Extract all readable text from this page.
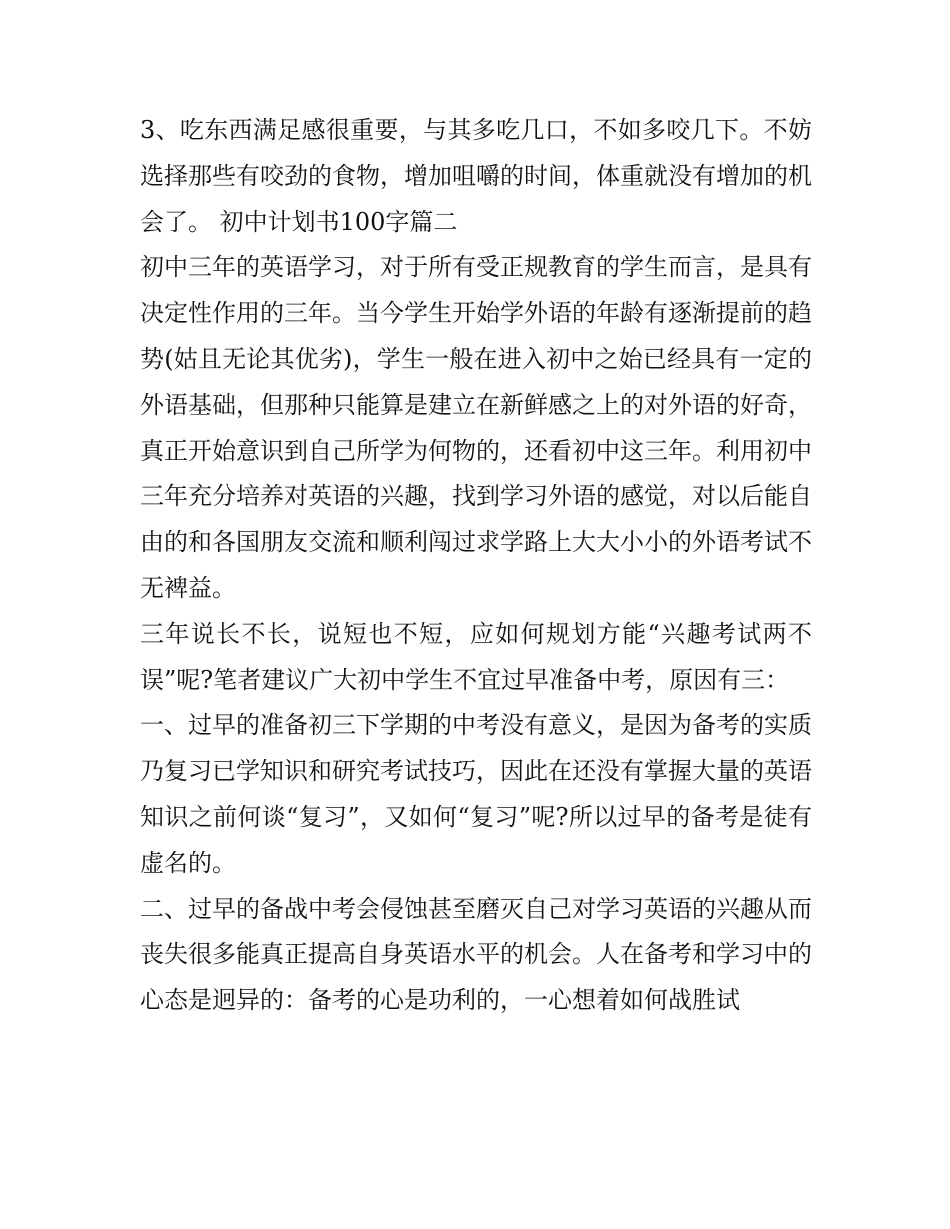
3、吃东西满足感很重要，与其多吃几口，不如多咬几下。不妨选择那些有咬劲的食物，增加咀嚼的时间，体重就没有增加的机会了。 初中计划书100字篇二

初中三年的英语学习，对于所有受正规教育的学生而言，是具有决定性作用的三年。当今学生开始学外语的年龄有逐渐提前的趋势(姑且无论其优劣)，学生一般在进入初中之始已经具有一定的外语基础，但那种只能算是建立在新鲜感之上的对外语的好奇，真正开始意识到自己所学为何物的，还看初中这三年。利用初中三年充分培养对英语的兴趣，找到学习外语的感觉，对以后能自由的和各国朋友交流和顺利闯过求学路上大大小小的外语考试不无裨益。

三年说长不长，说短也不短，应如何规划方能“兴趣考试两不误”呢?笔者建议广大初中学生不宜过早准备中考，原因有三：

一、过早的准备初三下学期的中考没有意义，是因为备考的实质乃复习已学知识和研究考试技巧，因此在还没有掌握大量的英语知识之前何谈“复习”，又如何“复习”呢?所以过早的备考是徒有虚名的。

二、过早的备战中考会侵蚀甚至磨灭自己对学习英语的兴趣从而丧失很多能真正提高自身英语水平的机会。人在备考和学习中的心态是迥异的：备考的心是功利的，一心想着如何战胜试
